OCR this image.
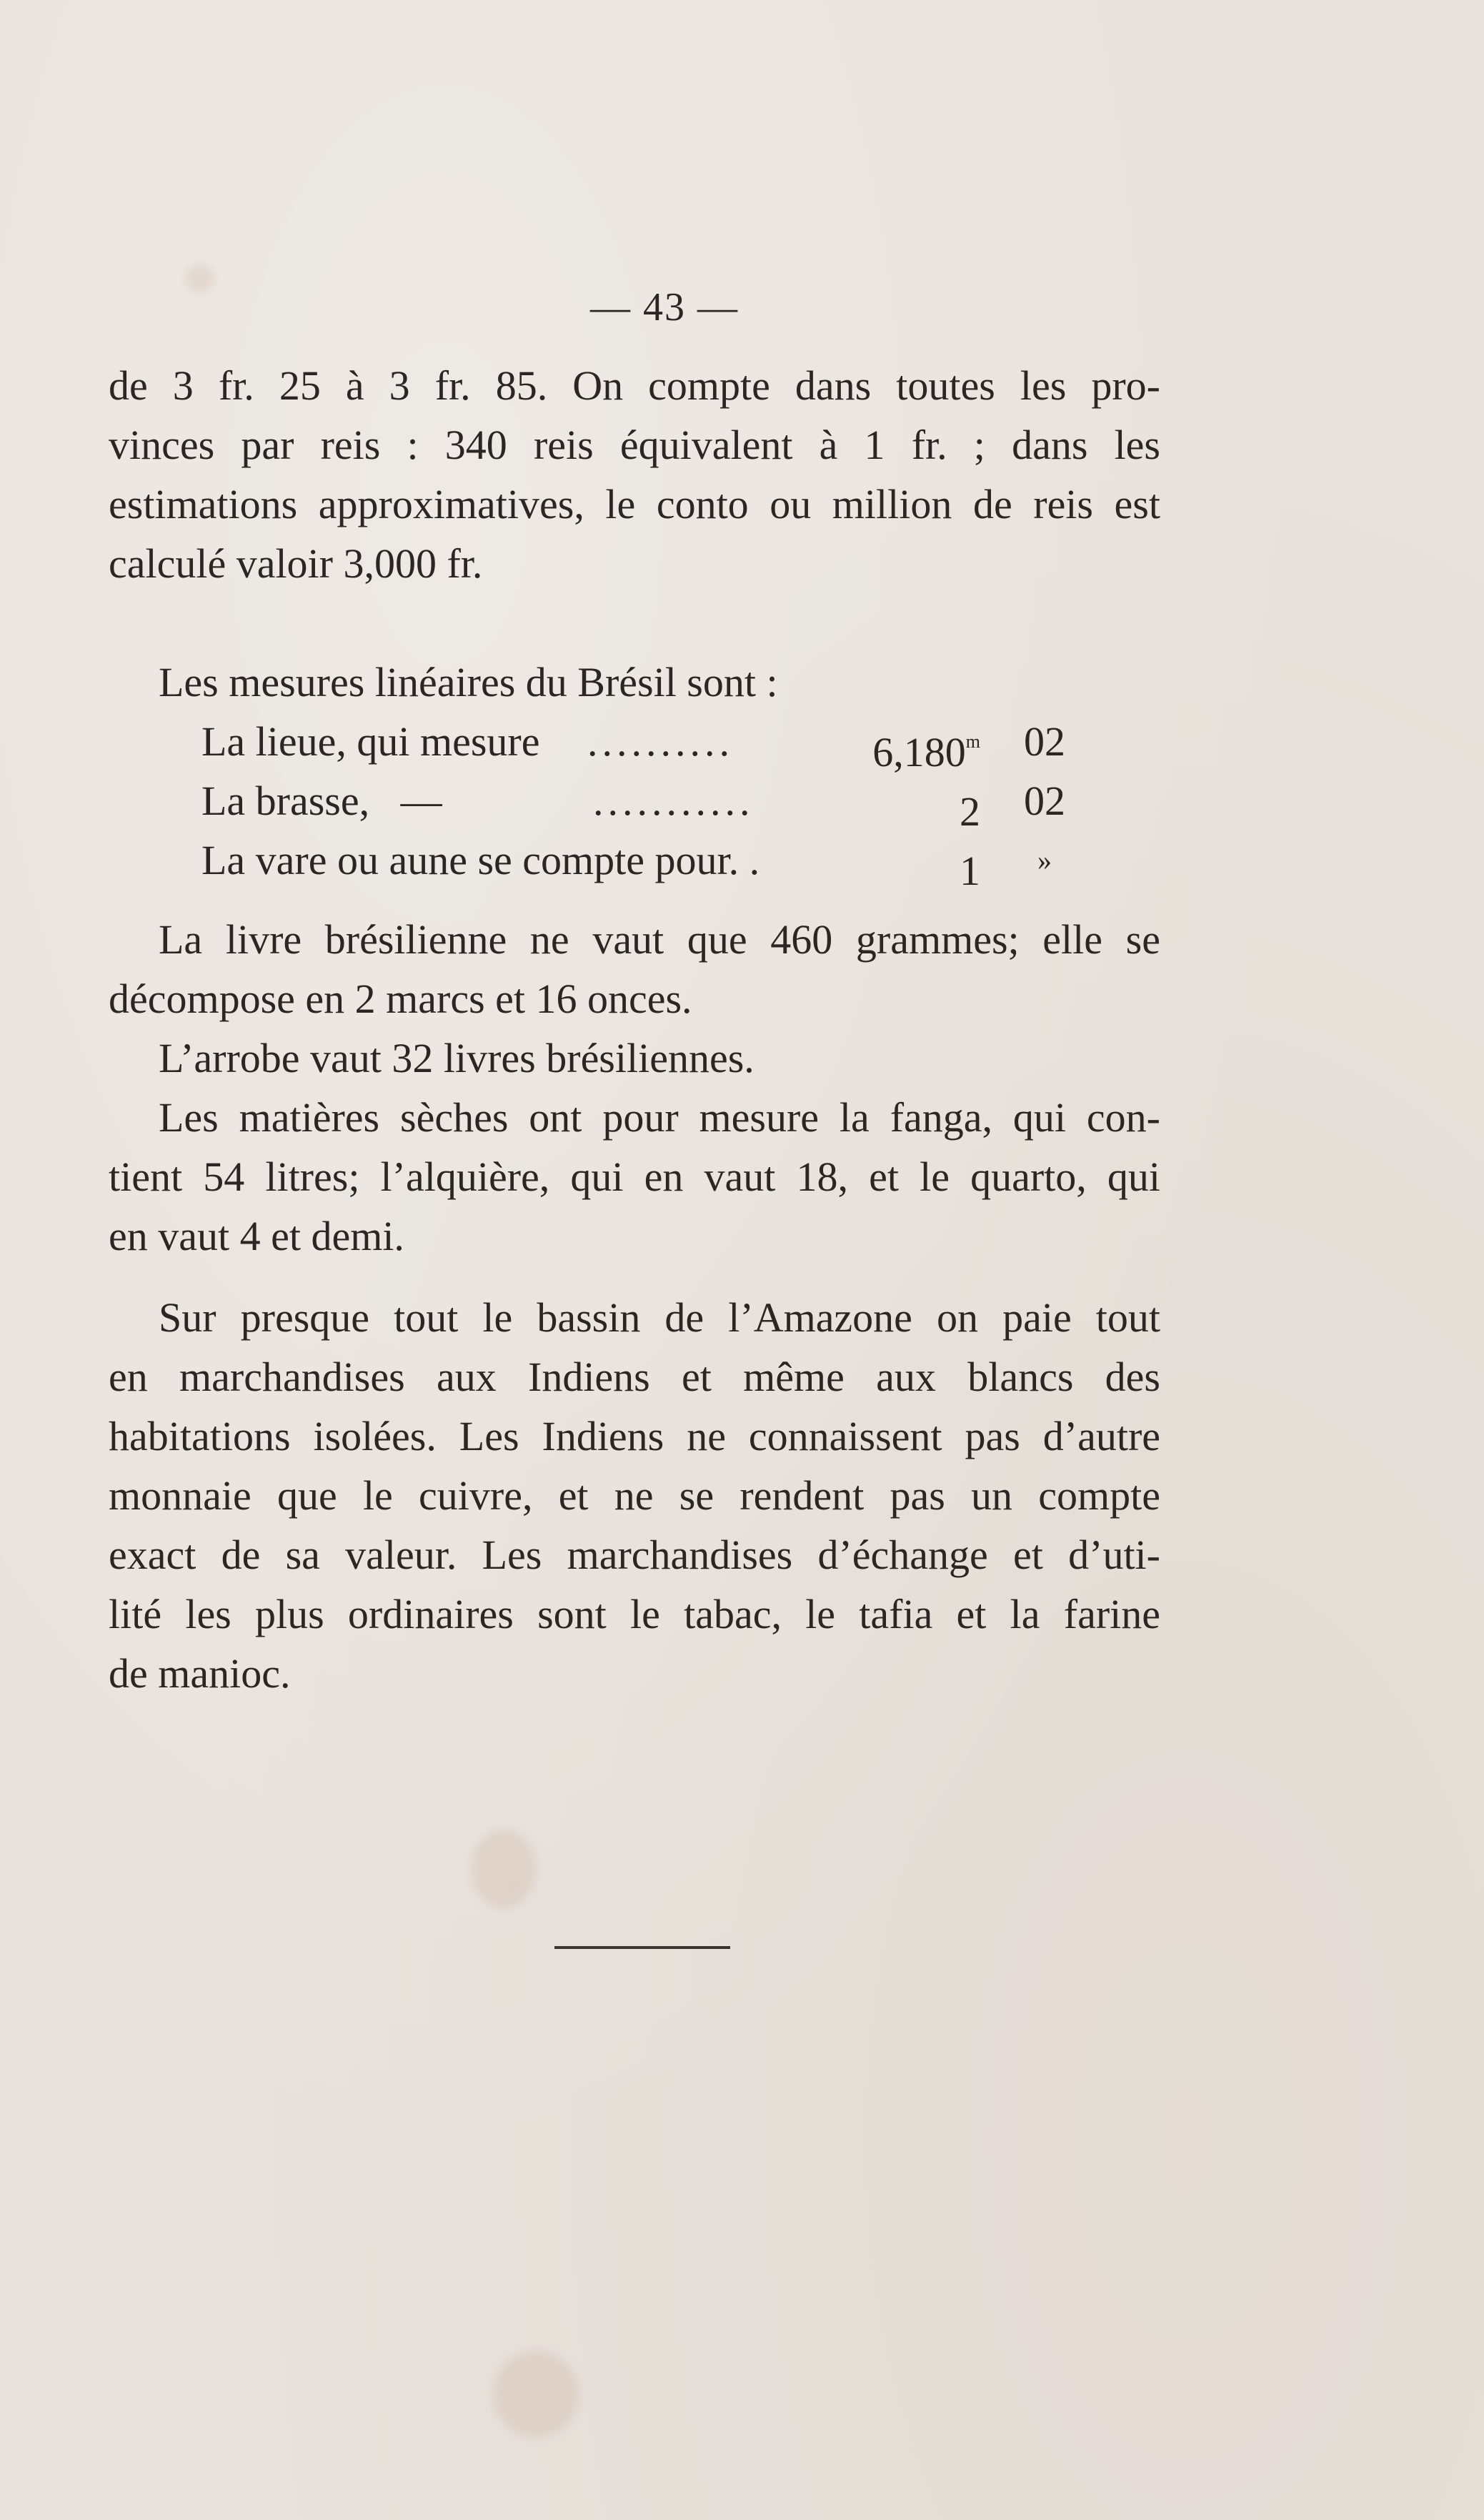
— 43 —
de 3 fr. 25 à 3 fr. 85. On compte dans toutes les pro-
vinces par reis : 340 reis équivalent à 1 fr. ; dans les
estimations approximatives, le conto ou million de reis est
calculé valoir 3,000 fr.
Les mesures linéaires du Brésil sont :
La lieue, qui mesure ..........	6,180$^m$	02
La brasse,   —	...........	2	02
La vare ou aune se compte pour. .	1	»
La livre brésilienne ne vaut que 460 grammes; elle se
décompose en 2 marcs et 16 onces.
L’arrobe vaut 32 livres brésiliennes.
Les matières sèches ont pour mesure la fanga, qui con-
tient 54 litres; l’alquière, qui en vaut 18, et le quarto, qui
en vaut 4 et demi.
Sur presque tout le bassin de l’Amazone on paie tout
en marchandises aux Indiens et même aux blancs des
habitations isolées. Les Indiens ne connaissent pas d’autre
monnaie que le cuivre, et ne se rendent pas un compte
exact de sa valeur. Les marchandises d’échange et d’uti-
lité les plus ordinaires sont le tabac, le tafia et la farine
de manioc.
